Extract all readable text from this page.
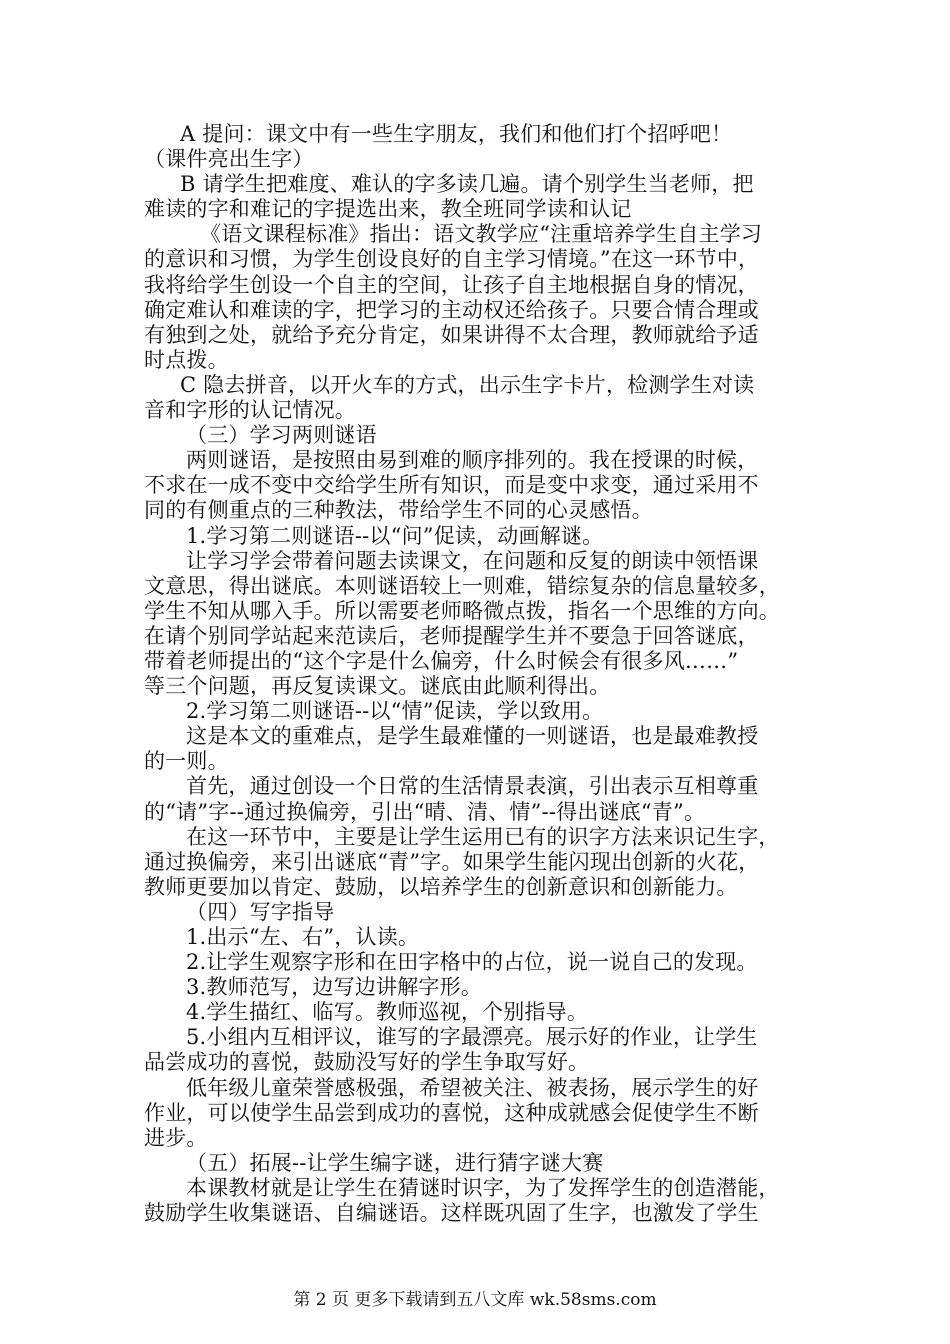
A 提问：课文中有一些生字朋友，我们和他们打个招呼吧！
（课件亮出生字）
B 请学生把难度、难认的字多读几遍。请个别学生当老师，把
难读的字和难记的字提选出来，教全班同学读和认记
《语文课程标准》指出：语文教学应“注重培养学生自主学习
的意识和习惯，为学生创设良好的自主学习情境。”在这一环节中，
我将给学生创设一个自主的空间，让孩子自主地根据自身的情况，
确定难认和难读的字，把学习的主动权还给孩子。只要合情合理或
有独到之处，就给予充分肯定，如果讲得不太合理，教师就给予适
时点拨。
C 隐去拼音，以开火车的方式，出示生字卡片，检测学生对读
音和字形的认记情况。
（三）学习两则谜语
两则谜语，是按照由易到难的顺序排列的。我在授课的时候，
不求在一成不变中交给学生所有知识，而是变中求变，通过采用不
同的有侧重点的三种教法，带给学生不同的心灵感悟。
1.学习第二则谜语--以“问”促读，动画解谜。
让学习学会带着问题去读课文，在问题和反复的朗读中领悟课
文意思，得出谜底。本则谜语较上一则难，错综复杂的信息量较多，
学生不知从哪入手。所以需要老师略微点拨，指名一个思维的方向。
在请个别同学站起来范读后，老师提醒学生并不要急于回答谜底，
带着老师提出的“这个字是什么偏旁，什么时候会有很多风……”
等三个问题，再反复读课文。谜底由此顺利得出。
2.学习第二则谜语--以“情”促读，学以致用。
这是本文的重难点，是学生最难懂的一则谜语，也是最难教授
的一则。
首先，通过创设一个日常的生活情景表演，引出表示互相尊重
的“请”字--通过换偏旁，引出“晴、清、情”--得出谜底“青”。
在这一环节中，主要是让学生运用已有的识字方法来识记生字，
通过换偏旁，来引出谜底“青”字。如果学生能闪现出创新的火花，
教师更要加以肯定、鼓励，以培养学生的创新意识和创新能力。
（四）写字指导
1.出示“左、右”，认读。
2.让学生观察字形和在田字格中的占位，说一说自己的发现。
3.教师范写，边写边讲解字形。
4.学生描红、临写。教师巡视，个别指导。
5.小组内互相评议，谁写的字最漂亮。展示好的作业，让学生
品尝成功的喜悦，鼓励没写好的学生争取写好。
低年级儿童荣誉感极强，希望被关注、被表扬，展示学生的好
作业，可以使学生品尝到成功的喜悦，这种成就感会促使学生不断
进步。
（五）拓展--让学生编字谜，进行猜字谜大赛
本课教材就是让学生在猜谜时识字，为了发挥学生的创造潜能，
鼓励学生收集谜语、自编谜语。这样既巩固了生字，也激发了学生
第 2 页 更多下载请到五八文库 wk.58sms.com
